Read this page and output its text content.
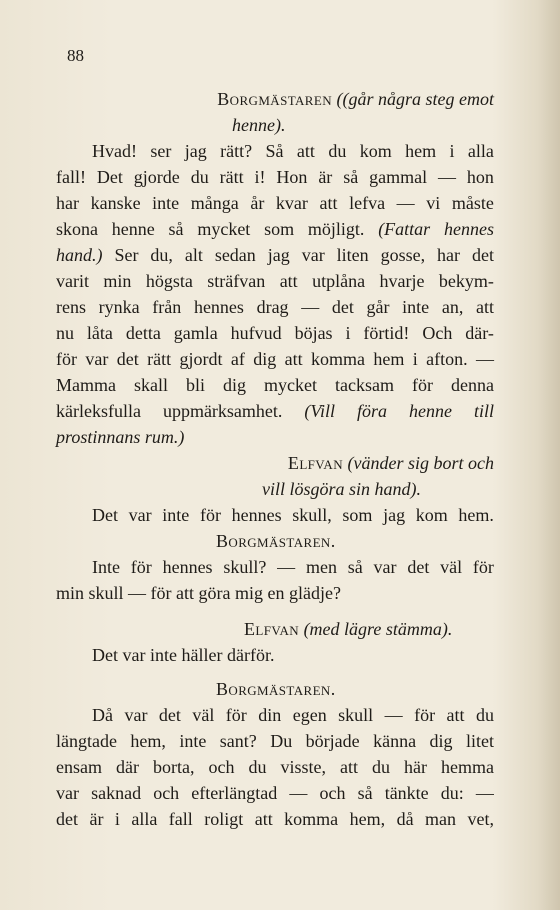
88
Borgmästaren ((går några steg emot
henne).
Hvad! ser jag rätt? Så att du kom hem i alla
fall! Det gjorde du rätt i! Hon är så gammal — hon
har kanske inte många år kvar att lefva — vi måste
skona henne så mycket som möjligt. (Fattar hennes
hand.) Ser du, alt sedan jag var liten gosse, har det
varit min högsta sträfvan att utplåna hvarje bekym-
rens rynka från hennes drag — det går inte an, att
nu låta detta gamla hufvud böjas i förtid! Och där-
för var det rätt gjordt af dig att komma hem i afton. —
Mamma skall bli dig mycket tacksam för denna
kärleksfulla uppmärksamhet. (Vill föra henne till
prostinnans rum.)
Elfvan (vänder sig bort och
vill lösgöra sin hand).
Det var inte för hennes skull, som jag kom hem.
Borgmästaren.
Inte för hennes skull? — men så var det väl för
min skull — för att göra mig en glädje?
Elfvan (med lägre stämma).
Det var inte häller därför.
Borgmästaren.
Då var det väl för din egen skull — för att du
längtade hem, inte sant? Du började känna dig litet
ensam där borta, och du visste, att du här hemma
var saknad och efterlängtad — och så tänkte du: —
det är i alla fall roligt att komma hem, då man vet,
